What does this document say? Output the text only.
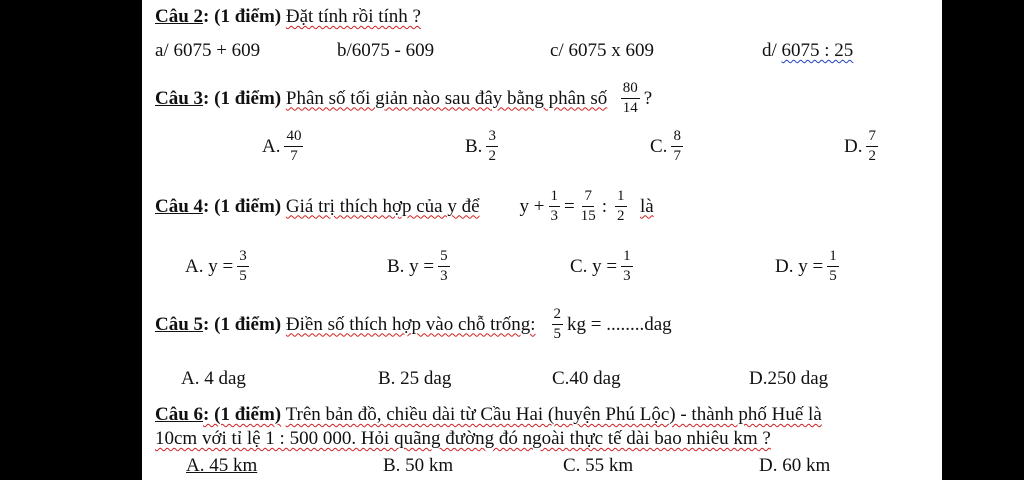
Câu 2: (1 điểm) Đặt tính rồi tính ?
a/ 6075 + 609	b/6075 - 609	c/ 6075 x 609	d/ 6075 : 25
Câu 3 : (1 điểm)
Phân số tối giản nào sau đây bằng phân số
$\frac{80}{14}$ ?
A. $\frac{40}{7}$	B. $\frac{3}{2}$	C. $\frac{8}{7}$	D. $\frac{7}{2}$
Câu 4 : (1 điểm)
Giá trị thích hợp của y để $y + \frac{1}{3} = \frac{7}{15}$ : $\frac{1}{2}$
là
A. $y = \frac{3}{5}$	B. $y = \frac{5}{3}$	C. $y = \frac{1}{3}$	D. $y = \frac{1}{5}$
Câu 5 : (1 điểm)
Điền số thích hợp vào chỗ trống: $\frac{2}{5}$ kg = ........dag
A. 4 dag	B. 25 dag	C.40 dag	D.250 dag
Câu 6: (1 điểm) Trên bản đồ, chiều dài từ Cầu Hai (huyện Phú Lộc) - thành phố Huế là
10cm với tỉ lệ 1 : 500 000. Hỏi quãng đường đó ngoài thực tế dài bao nhiêu km ?
A. 45 km	B. 50 km	C. 55 km	D. 60 km
